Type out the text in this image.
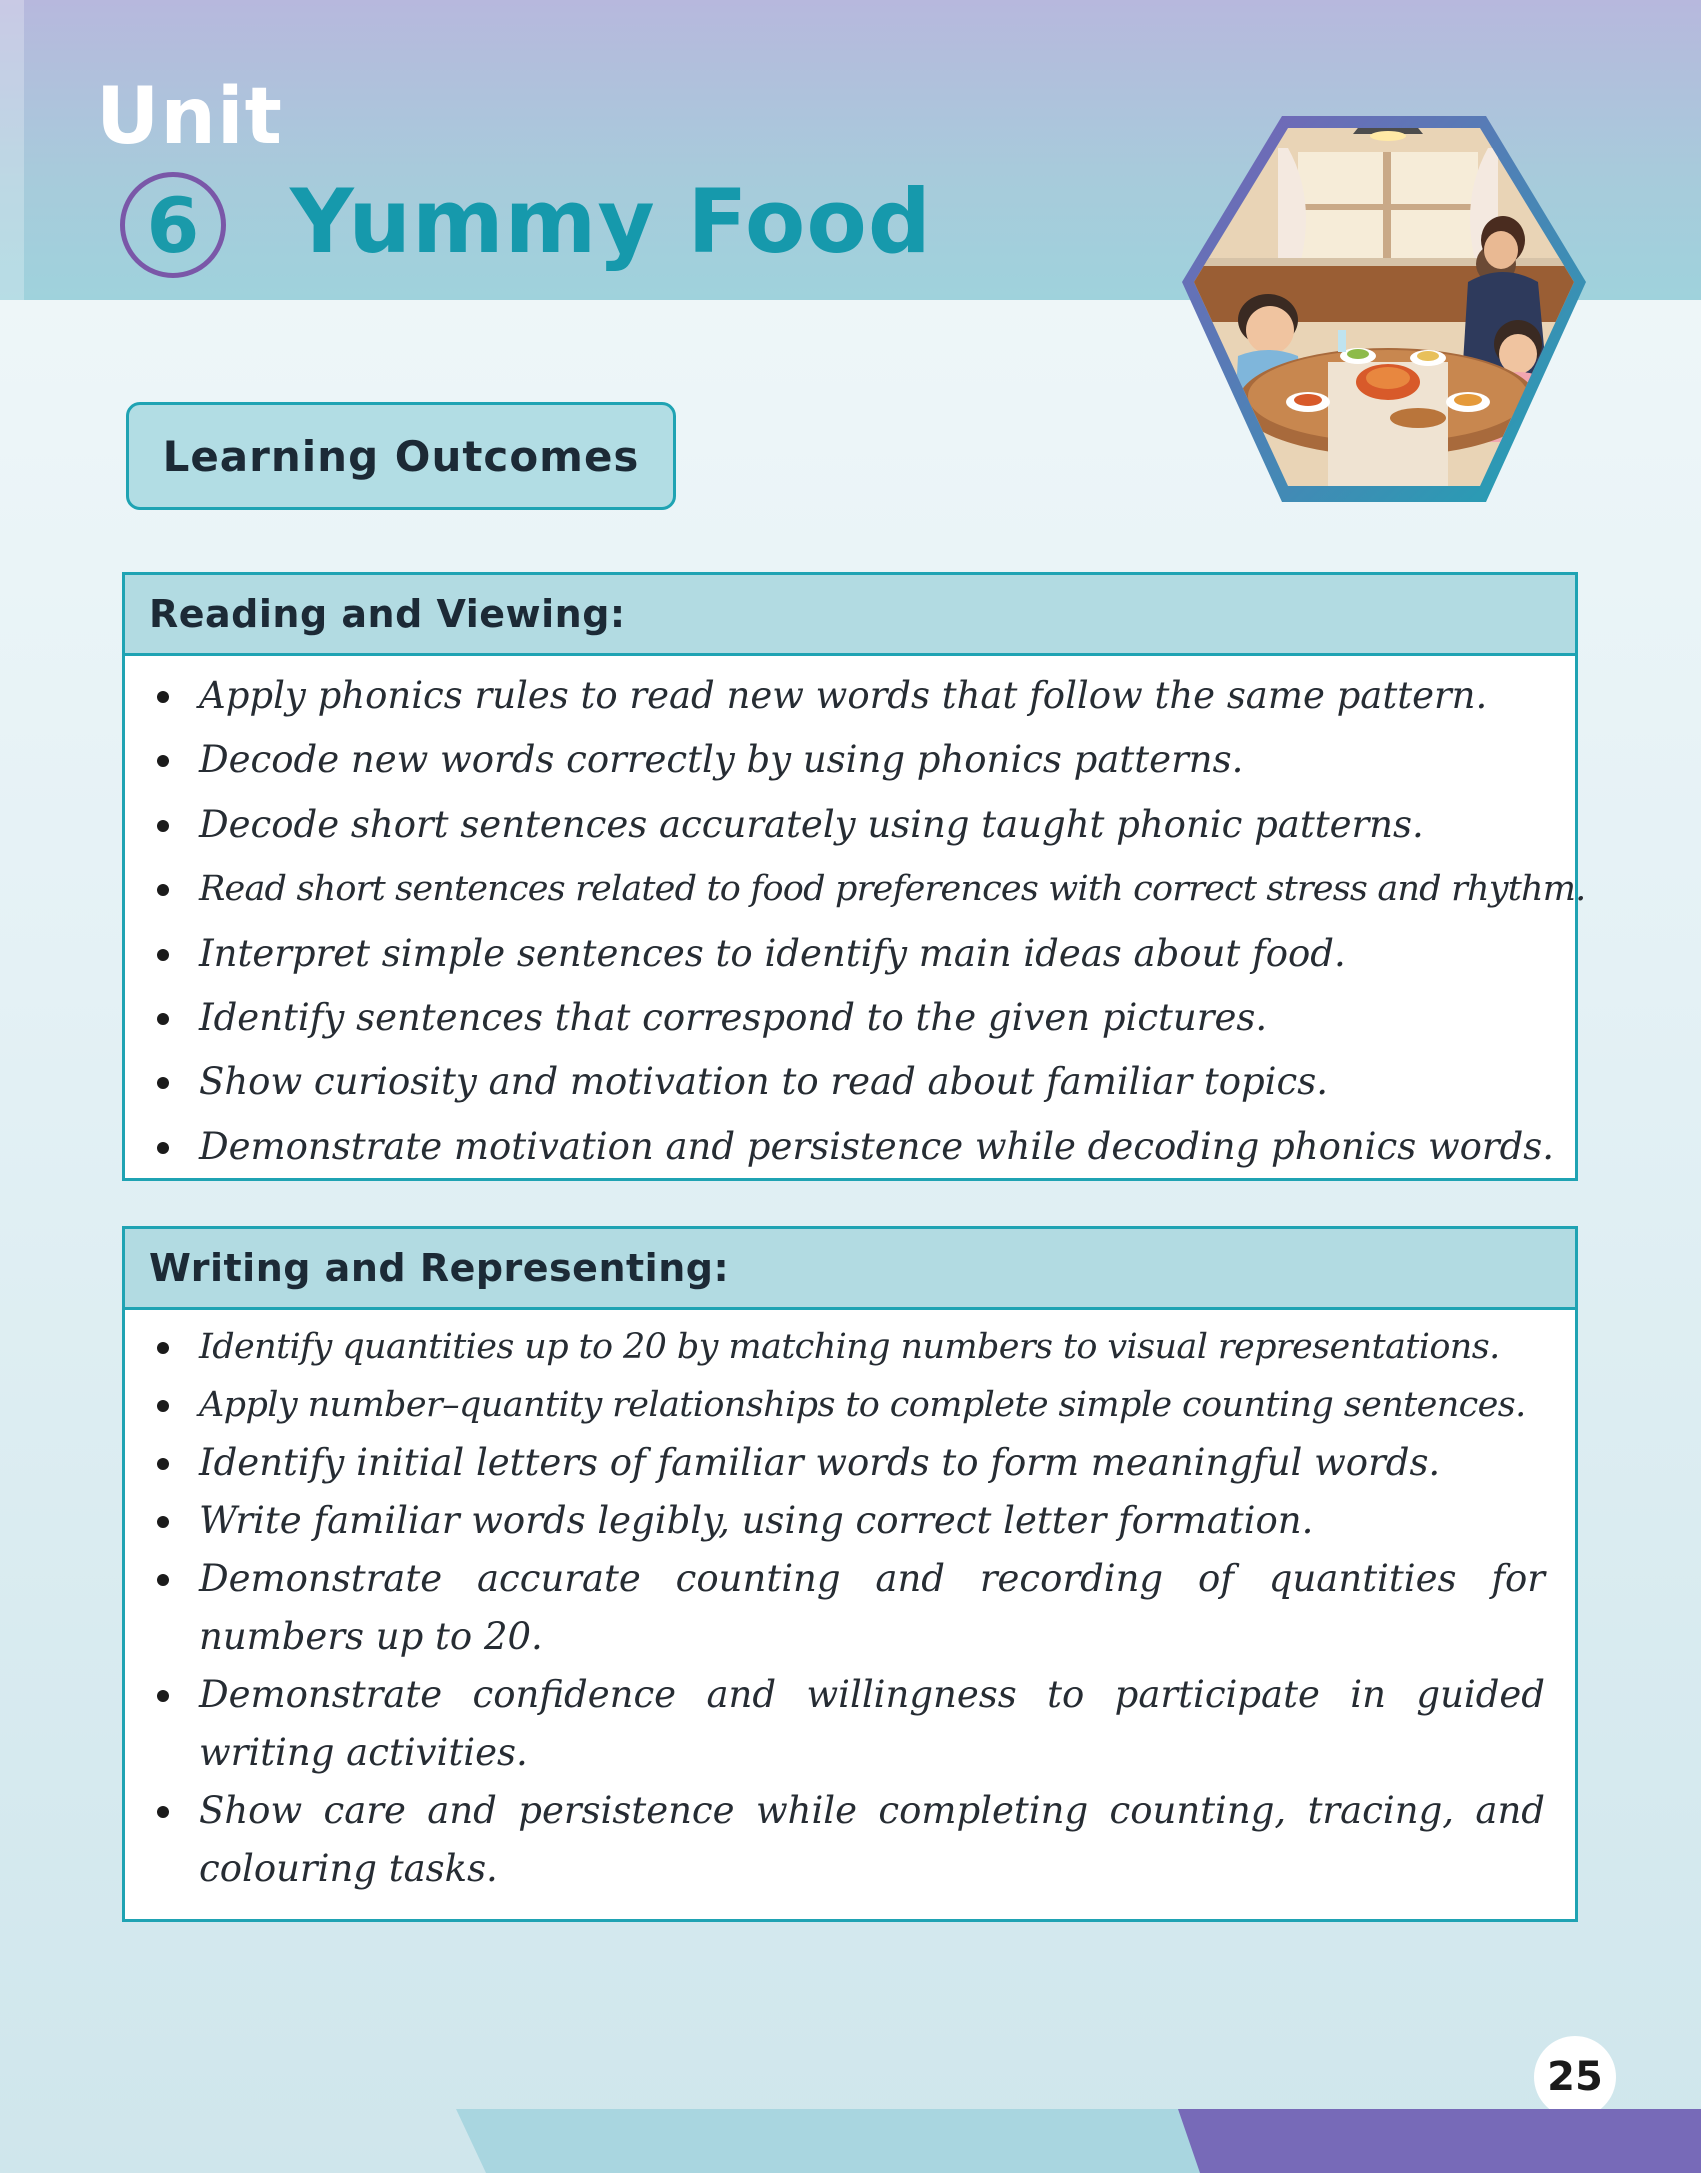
Unit
6	Yummy Food
Learning Outcomes
Reading and Viewing:
Apply phonics rules to read new words that follow the same pattern.
Decode new words correctly by using phonics patterns.
Decode short sentences accurately using taught phonic patterns.
Read short sentences related to food preferences with correct stress and rhythm.
Interpret simple sentences to identify main ideas about food.
Identify sentences that correspond to the given pictures.
Show curiosity and motivation to read about familiar topics.
Demonstrate motivation and persistence while decoding phonics words.
Writing and Representing:
Identify quantities up to 20 by matching numbers to visual representations.
Apply number–quantity relationships to complete simple counting sentences.
Identify initial letters of familiar words to form meaningful words.
Write familiar words legibly, using correct letter formation.
Demonstrate accurate counting and recording of quantities for numbers up to 20.
Demonstrate confidence and willingness to participate in guided writing activities.
Show care and persistence while completing counting, tracing, and colouring tasks.
25
